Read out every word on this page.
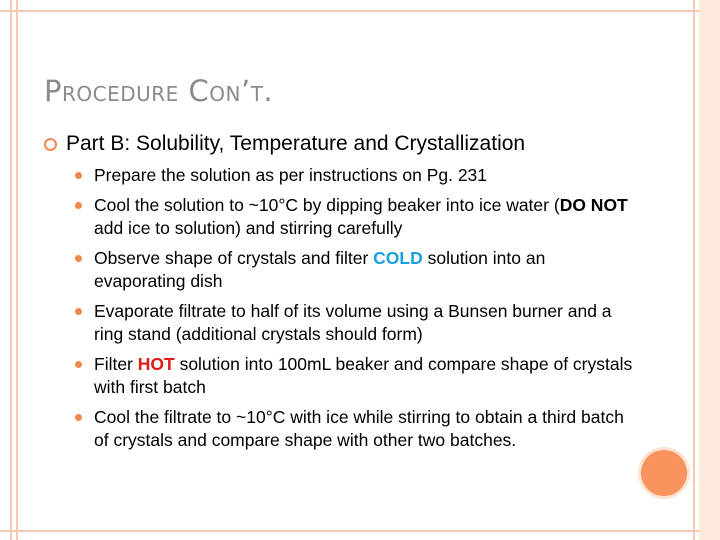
Procedure Con’t.
Part B: Solubility, Temperature and Crystallization
Prepare the solution as per instructions on Pg. 231
Cool the solution to ~10°C by dipping beaker into ice water (DO NOT add ice to solution) and stirring carefully
Observe shape of crystals and filter COLD solution into an evaporating dish
Evaporate filtrate to half of its volume using a Bunsen burner and a ring stand (additional crystals should form)
Filter HOT solution into 100mL beaker and compare shape of crystals with first batch
Cool the filtrate to ~10°C with ice while stirring to obtain a third batch of crystals and compare shape with other two batches.
